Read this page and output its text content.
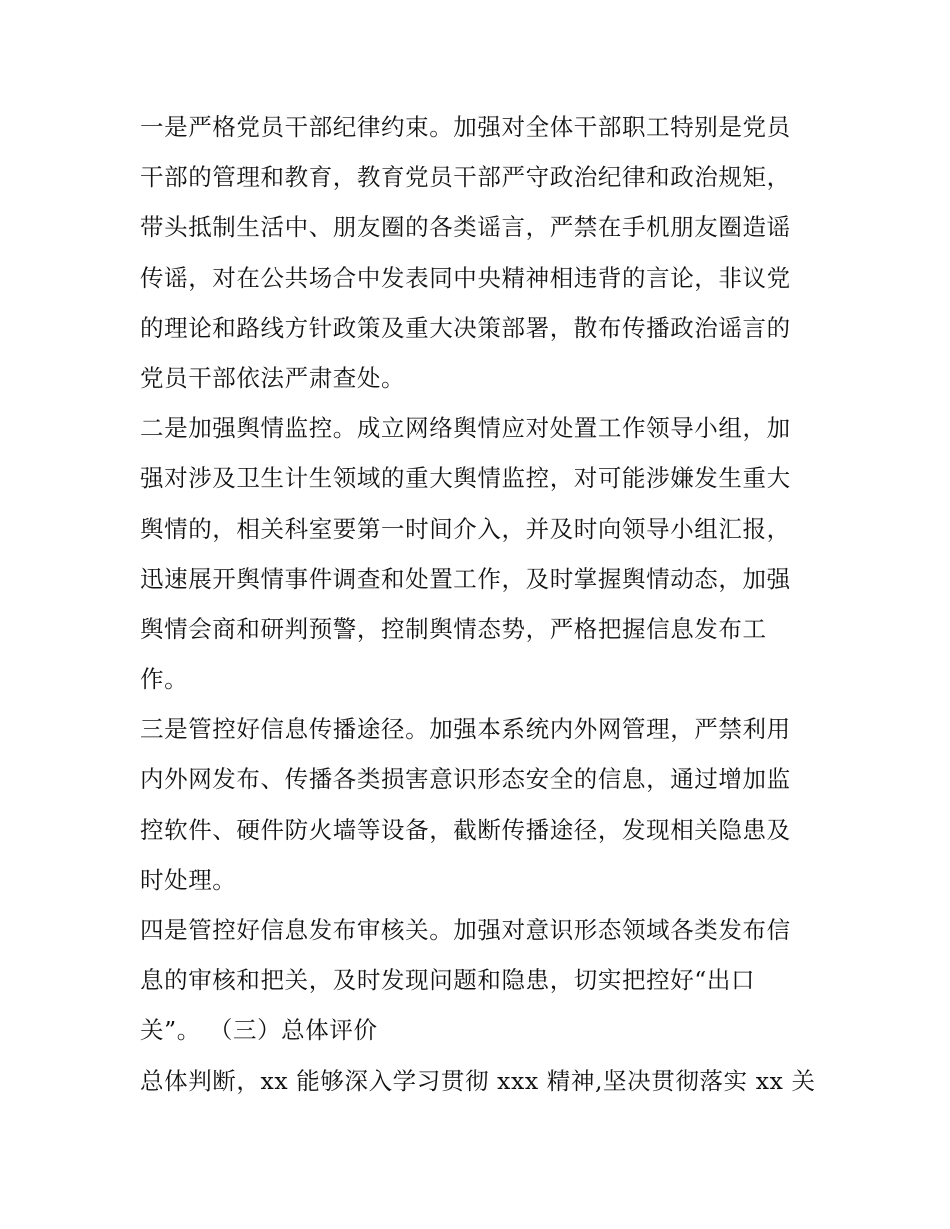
一是严格党员干部纪律约束。加强对全体干部职工特别是党员
干部的管理和教育，教育党员干部严守政治纪律和政治规矩，
带头抵制生活中、朋友圈的各类谣言，严禁在手机朋友圈造谣
传谣，对在公共场合中发表同中央精神相违背的言论，非议党
的理论和路线方针政策及重大决策部署，散布传播政治谣言的
党员干部依法严肃查处。
二是加强舆情监控。成立网络舆情应对处置工作领导小组，加
强对涉及卫生计生领域的重大舆情监控，对可能涉嫌发生重大
舆情的，相关科室要第一时间介入，并及时向领导小组汇报，
迅速展开舆情事件调查和处置工作，及时掌握舆情动态，加强
舆情会商和研判预警，控制舆情态势，严格把握信息发布工
作。
三是管控好信息传播途径。加强本系统内外网管理，严禁利用
内外网发布、传播各类损害意识形态安全的信息，通过增加监
控软件、硬件防火墙等设备，截断传播途径，发现相关隐患及
时处理。
四是管控好信息发布审核关。加强对意识形态领域各类发布信
息的审核和把关，及时发现问题和隐患，切实把控好“出口
关”。 （三）总体评价
总体判断，xx 能够深入学习贯彻 xxx 精神,坚决贯彻落实 xx 关
